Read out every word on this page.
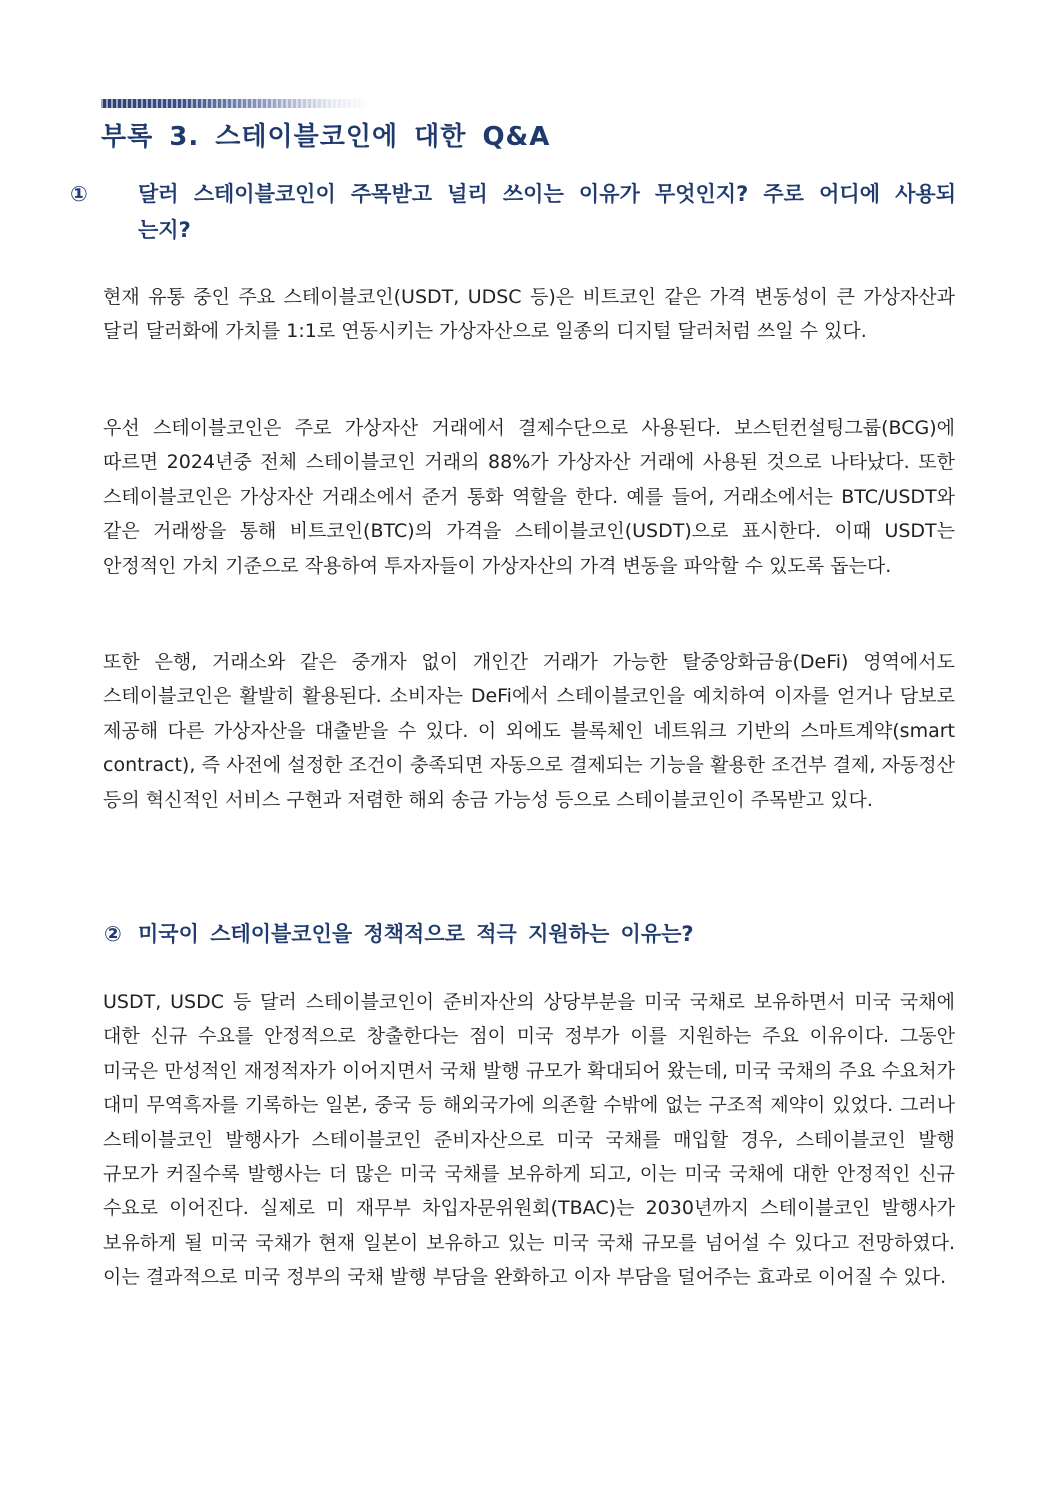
부록 3. 스테이블코인에 대한 Q&A
① 달러 스테이블코인이 주목받고 널리 쓰이는 이유가 무엇인지? 주로 어디에 사용되는지?

현재 유통 중인 주요 스테이블코인(USDT, UDSC 등)은 비트코인 같은 가격 변동성이 큰 가상자산과 달리 달러화에 가치를 1:1로 연동시키는 가상자산으로 일종의 디지털 달러처럼 쓰일 수 있다.

우선 스테이블코인은 주로 가상자산 거래에서 결제수단으로 사용된다. 보스턴컨설팅그룹(BCG)에 따르면 2024년중 전체 스테이블코인 거래의 88%가 가상자산 거래에 사용된 것으로 나타났다. 또한 스테이블코인은 가상자산 거래소에서 준거 통화 역할을 한다. 예를 들어, 거래소에서는 BTC/USDT와 같은 거래쌍을 통해 비트코인(BTC)의 가격을 스테이블코인(USDT)으로 표시한다. 이때 USDT는 안정적인 가치 기준으로 작용하여 투자자들이 가상자산의 가격 변동을 파악할 수 있도록 돕는다.

또한 은행, 거래소와 같은 중개자 없이 개인간 거래가 가능한 탈중앙화금융(DeFi) 영역에서도 스테이블코인은 활발히 활용된다. 소비자는 DeFi에서 스테이블코인을 예치하여 이자를 얻거나 담보로 제공해 다른 가상자산을 대출받을 수 있다. 이 외에도 블록체인 네트워크 기반의 스마트계약(smart contract), 즉 사전에 설정한 조건이 충족되면 자동으로 결제되는 기능을 활용한 조건부 결제, 자동정산 등의 혁신적인 서비스 구현과 저렴한 해외 송금 가능성 등으로 스테이블코인이 주목받고 있다.

② 미국이 스테이블코인을 정책적으로 적극 지원하는 이유는?

USDT, USDC 등 달러 스테이블코인이 준비자산의 상당부분을 미국 국채로 보유하면서 미국 국채에 대한 신규 수요를 안정적으로 창출한다는 점이 미국 정부가 이를 지원하는 주요 이유이다. 그동안 미국은 만성적인 재정적자가 이어지면서 국채 발행 규모가 확대되어 왔는데, 미국 국채의 주요 수요처가 대미 무역흑자를 기록하는 일본, 중국 등 해외국가에 의존할 수밖에 없는 구조적 제약이 있었다. 그러나 스테이블코인 발행사가 스테이블코인 준비자산으로 미국 국채를 매입할 경우, 스테이블코인 발행 규모가 커질수록 발행사는 더 많은 미국 국채를 보유하게 되고, 이는 미국 국채에 대한 안정적인 신규 수요로 이어진다. 실제로 미 재무부 차입자문위원회(TBAC)는 2030년까지 스테이블코인 발행사가 보유하게 될 미국 국채가 현재 일본이 보유하고 있는 미국 국채 규모를 넘어설 수 있다고 전망하였다. 이는 결과적으로 미국 정부의 국채 발행 부담을 완화하고 이자 부담을 덜어주는 효과로 이어질 수 있다.
